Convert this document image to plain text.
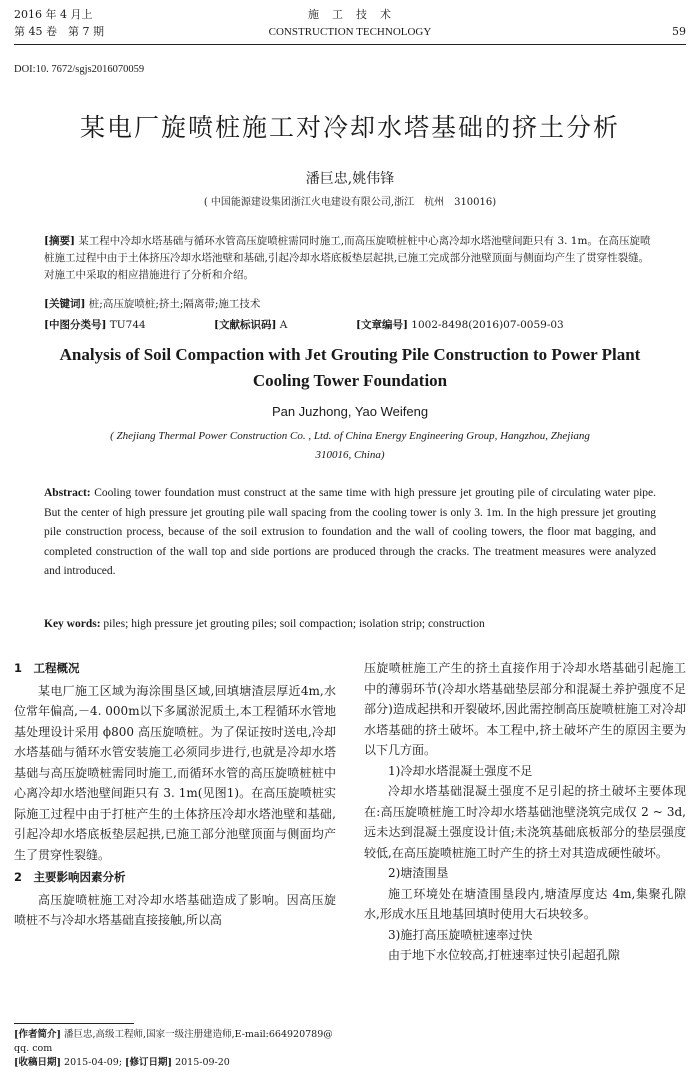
2016 年 4 月上
第 45 卷　第 7 期
施　工　技　术
CONSTRUCTION TECHNOLOGY	59
DOI:10. 7672/sgjs2016070059
某电厂旋喷桩施工对冷却水塔基础的挤土分析
潘巨忠,姚伟锋
( 中国能源建设集团浙江火电建设有限公司,浙江　杭州　310016)
[摘要] 某工程中冷却水塔基础与循环水管高压旋喷桩需同时施工,而高压旋喷桩桩中心离冷却水塔池壁间距只有 3. 1m。在高压旋喷桩施工过程中由于土体挤压冷却水塔池壁和基础,引起冷却水塔底板垫层起拱,已施工完成部分池壁顶面与侧面均产生了贯穿性裂缝。对施工中采取的相应措施进行了分析和介绍。
[关键词] 桩;高压旋喷桩;挤土;隔离带;施工技术
[中图分类号] TU744	[文献标识码] A	[文章编号] 1002-8498(2016)07-0059-03
Analysis of Soil Compaction with Jet Grouting Pile Construction to Power Plant Cooling Tower Foundation
Pan Juzhong, Yao Weifeng
( Zhejiang Thermal Power Construction Co. , Ltd. of China Energy Engineering Group, Hangzhou, Zhejiang　310016, China)
Abstract: Cooling tower foundation must construct at the same time with high pressure jet grouting pile of circulating water pipe. But the center of high pressure jet grouting pile wall spacing from the cooling tower is only 3. 1m. In the high pressure jet grouting pile construction process, because of the soil extrusion to foundation and the wall of cooling towers, the floor mat bagging, and completed construction of the wall top and side portions are produced through the cracks. The treatment measures were analyzed and introduced.
Key words: piles; high pressure jet grouting piles; soil compaction; isolation strip; construction
1　工程概况

某电厂施工区域为海涂围垦区域,回填塘渣层厚近4m,水位常年偏高,－4. 000m以下多属淤泥质土,本工程循环水管地基处理设计采用 ϕ800 高压旋喷桩。为了保证按时送电,冷却水塔基础与循环水管安装施工必须同步进行,也就是冷却水塔基础与高压旋喷桩需同时施工,而循环水管的高压旋喷桩桩中心离冷却水塔池壁间距只有 3. 1m(见图1)。在高压旋喷桩实际施工过程中由于打桩产生的土体挤压冷却水塔池壁和基础,引起冷却水塔底板垫层起拱,已施工部分池壁顶面与侧面均产生了贯穿性裂缝。

2　主要影响因素分析

高压旋喷桩施工对冷却水塔基础造成了影响。因高压旋喷桩不与冷却水塔基础直接接触,所以高

[作者简介] 潘巨忠,高级工程师,国家一级注册建造师,E-mail:664920789@ qq. com
[收稿日期] 2015-04-09; [修订日期] 2015-09-20

压旋喷桩施工产生的挤土直接作用于冷却水塔基础引起施工中的薄弱环节(冷却水塔基础垫层部分和混凝土养护强度不足部分)造成起拱和开裂破坏,因此需控制高压旋喷桩施工对冷却水塔基础的挤土破坏。本工程中,挤土破坏产生的原因主要为以下几方面。

1)冷却水塔混凝土强度不足

冷却水塔基础混凝土强度不足引起的挤土破坏主要体现在:高压旋喷桩施工时冷却水塔基础池壁浇筑完成仅 2 ~ 3d,远未达到混凝土强度设计值;未浇筑基础底板部分的垫层强度较低,在高压旋喷桩施工时产生的挤土对其造成硬性破坏。

2)塘渣围垦

施工环境处在塘渣围垦段内,塘渣厚度达 4m,集聚孔隙水,形成水压且地基回填时使用大石块较多。

3)施打高压旋喷桩速率过快

由于地下水位较高,打桩速率过快引起超孔隙
